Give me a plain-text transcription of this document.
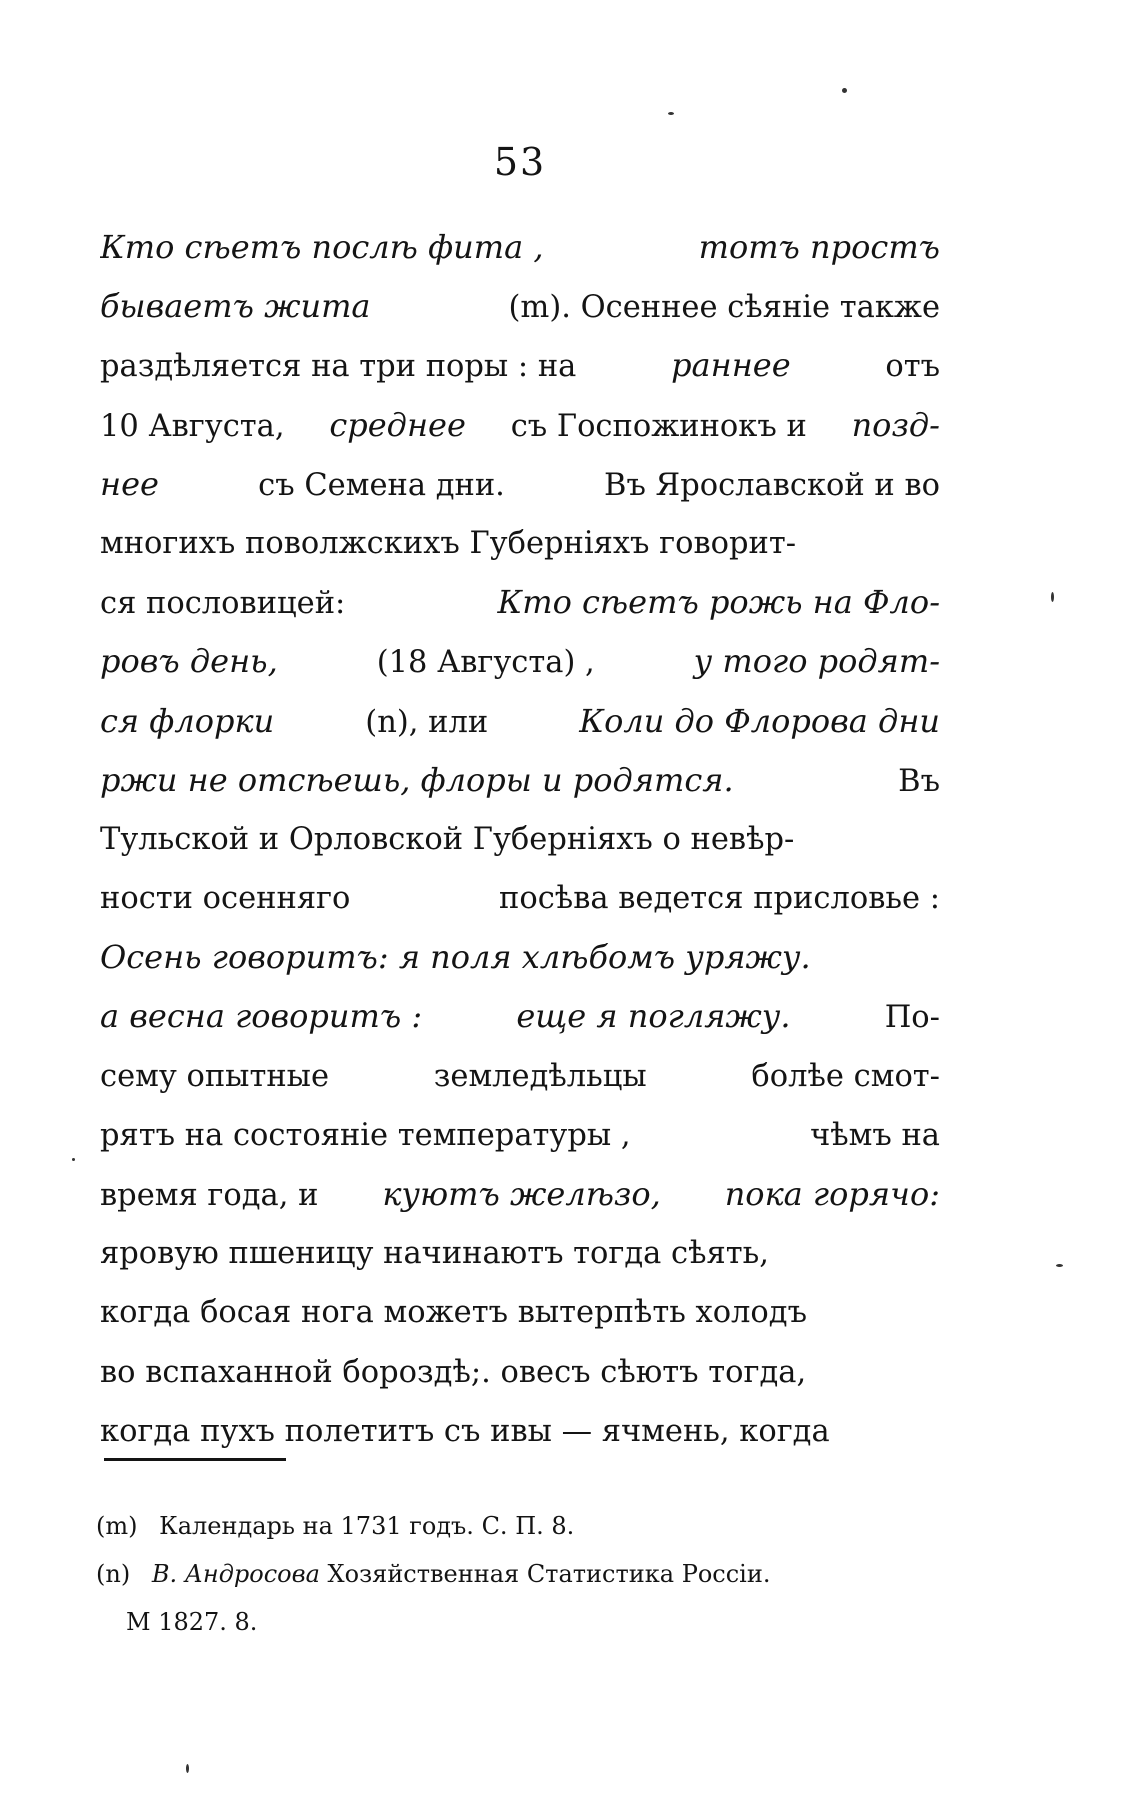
53
Кто сѣетъ послѣ фита ,	тотъ простъ
бываетъ жита	(m). Осеннее сѣяніе также
раздѣляется на три поры : на	раннее	отъ
10 Августа, среднее съ Госпожинокъ и позд-
нее	съ Семена дни.	Въ Ярославской и во
многихъ поволжскихъ Губерніяхъ говорит-
ся пословицей:	Кто сѣетъ рожь на Фло-
ровъ день,	(18 Августа) ,	у того родят-
ся флорки	(n), или	Коли до Флорова дни
ржи не отсѣешь, флоры и родятся.	Въ
Тульской и Орловской Губерніяхъ о невѣр-
ности осенняго	посѣва ведется присловье :
Осень говоритъ: я поля хлѣбомъ уряжу.
а весна говоритъ :	еще я погляжу.	По-
сему опытные	земледѣльцы	болѣе смот-
рятъ на состояніе температуры ,	чѣмъ на
время года, и куютъ желѣзо, пока горячо:
яровую пшеницу начинаютъ тогда сѣять,
когда босая нога можетъ вытерпѣть холодъ
во вспаханной бороздѣ;. овесъ сѣютъ тогда,
когда пухъ полетитъ съ ивы — ячмень, когда
(m) Календарь на 1731 годъ. С. П. 8.
(n) В. Андросова Хозяйственная Статистика Россіи.
М 1827. 8.
